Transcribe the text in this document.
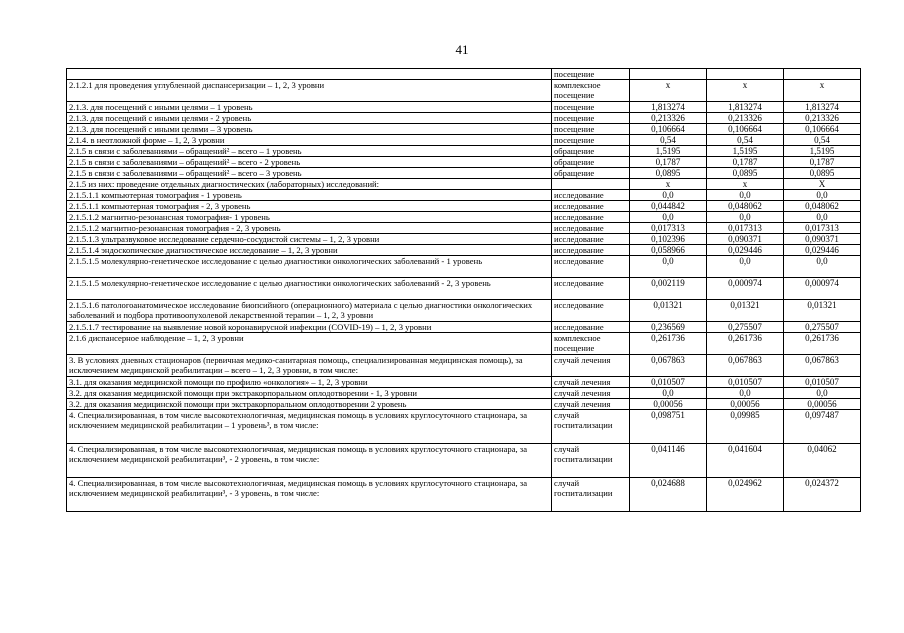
41
	посещение			
2.1.2.1 для проведения углубленной диспансеризации – 1, 2, 3 уровни	комплексное посещение	х	х	х
2.1.3. для посещений с иными целями – 1 уровень	посещение	1,813274	1,813274	1,813274
2.1.3. для посещений с иными целями - 2 уровень	посещение	0,213326	0,213326	0,213326
2.1.3. для посещений с иными целями – 3 уровень	посещение	0,106664	0,106664	0,106664
2.1.4. в неотложной форме – 1, 2, 3 уровни	посещение	0,54	0,54	0,54
2.1.5 в связи с заболеваниями – обращений² – всего – 1 уровень	обращение	1,5195	1,5195	1,5195
2.1.5 в связи с заболеваниями – обращений² – всего - 2 уровень	обращение	0,1787	0,1787	0,1787
2.1.5 в связи с заболеваниями – обращений² – всего – 3 уровень	обращение	0,0895	0,0895	0,0895
2.1.5 из них: проведение отдельных диагностических (лабораторных) исследований:		х	х	Х
2.1.5.1.1 компьютерная томография - 1 уровень	исследование	0,0	0,0	0,0
2.1.5.1.1 компьютерная томография - 2, 3 уровень	исследование	0,044842	0,048062	0,048062
2.1.5.1.2 магнитно-резонансная томография- 1 уровень	исследование	0,0	0,0	0,0
2.1.5.1.2 магнитно-резонансная томография - 2, 3 уровень	исследование	0,017313	0,017313	0,017313
2.1.5.1.3 ультразвуковое исследование сердечно-сосудистой системы – 1, 2, 3 уровни	исследование	0,102396	0,090371	0,090371
2.1.5.1.4 эндоскопическое диагностическое исследование – 1, 2, 3 уровни	исследование	0,058966	0,029446	0,029446
2.1.5.1.5 молекулярно-генетическое исследование с целью диагностики онкологических заболеваний - 1 уровень	исследование	0,0	0,0	0,0
2.1.5.1.5 молекулярно-генетическое исследование с целью диагностики онкологических заболеваний - 2, 3 уровень	исследование	0,002119	0,000974	0,000974
2.1.5.1.6 патологоанатомическое исследование биопсийного (операционного) материала с целью диагностики онкологических заболеваний и подбора противоопухолевой лекарственной терапии – 1, 2, 3 уровни	исследование	0,01321	0,01321	0,01321
2.1.5.1.7 тестирование на выявление новой коронавирусной инфекции (COVID-19) – 1, 2, 3 уровни	исследование	0,236569	0,275507	0,275507
2.1.6 диспансерное наблюдение – 1, 2, 3 уровни	комплексное посещение	0,261736	0,261736	0,261736
3. В условиях дневных стационаров (первичная медико-санитарная помощь, специализированная медицинская помощь), за исключением медицинской реабилитации – всего – 1, 2, 3 уровни, в том числе:	случай лечения	0,067863	0,067863	0,067863
3.1. для оказания медицинской помощи по профилю «онкология» – 1, 2, 3 уровни	случай лечения	0,010507	0,010507	0,010507
3.2. для оказания медицинской помощи при экстракорпоральном оплодотворении - 1, 3 уровни	случай лечения	0,0	0,0	0,0
3.2. для оказания медицинской помощи при экстракорпоральном оплодотворении 2 уровень	случай лечения	0,00056	0,00056	0,00056
4. Специализированная, в том числе высокотехнологичная, медицинская помощь в условиях круглосуточного стационара, за исключением медицинской реабилитации – 1 уровень³, в том числе:	случай госпитализации	0,098751	0,09985	0,097487
4. Специализированная, в том числе высокотехнологичная, медицинская помощь в условиях круглосуточного стационара, за исключением медицинской реабилитации³, - 2 уровень, в том числе:	случай госпитализации	0,041146	0,041604	0,04062
4. Специализированная, в том числе высокотехнологичная, медицинская помощь в условиях круглосуточного стационара, за исключением медицинской реабилитации³, - 3 уровень, в том числе:	случай госпитализации	0,024688	0,024962	0,024372
